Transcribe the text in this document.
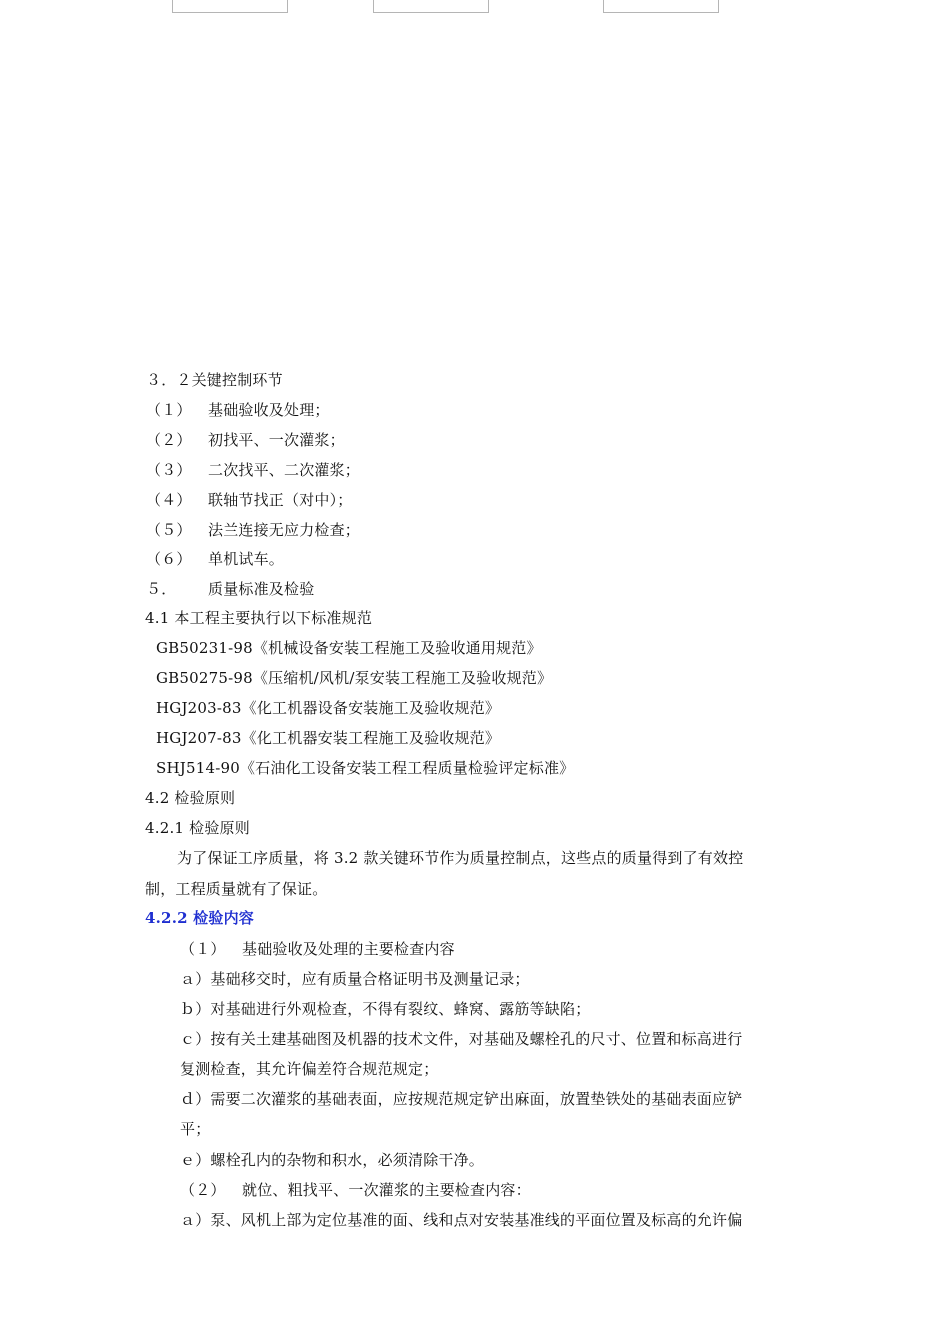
３．２关键控制环节
（１） 基础验收及处理；
（２） 初找平、一次灌浆；
（３） 二次找平、二次灌浆；
（４） 联轴节找正（对中）；
（５） 法兰连接无应力检查；
（６） 单机试车。
５． 质量标准及检验
4.1 本工程主要执行以下标准规范
GB50231-98《机械设备安装工程施工及验收通用规范》
GB50275-98《压缩机/风机/泵安装工程施工及验收规范》
HGJ203-83《化工机器设备安装施工及验收规范》
HGJ207-83《化工机器安装工程施工及验收规范》
SHJ514-90《石油化工设备安装工程工程质量检验评定标准》
4.2 检验原则
4.2.1 检验原则
为了保证工序质量，将 3.2 款关键环节作为质量控制点，这些点的质量得到了有效控
制，工程质量就有了保证。
4.2.2 检验内容
（１） 基础验收及处理的主要检查内容
ａ）基础移交时，应有质量合格证明书及测量记录；
ｂ）对基础进行外观检查，不得有裂纹、蜂窝、露筋等缺陷；
ｃ）按有关土建基础图及机器的技术文件，对基础及螺栓孔的尺寸、位置和标高进行
复测检查，其允许偏差符合规范规定；
ｄ）需要二次灌浆的基础表面，应按规范规定铲出麻面，放置垫铁处的基础表面应铲
平；
ｅ）螺栓孔内的杂物和积水，必须清除干净。
（２） 就位、粗找平、一次灌浆的主要检查内容：
ａ）泵、风机上部为定位基准的面、线和点对安装基准线的平面位置及标高的允许偏
